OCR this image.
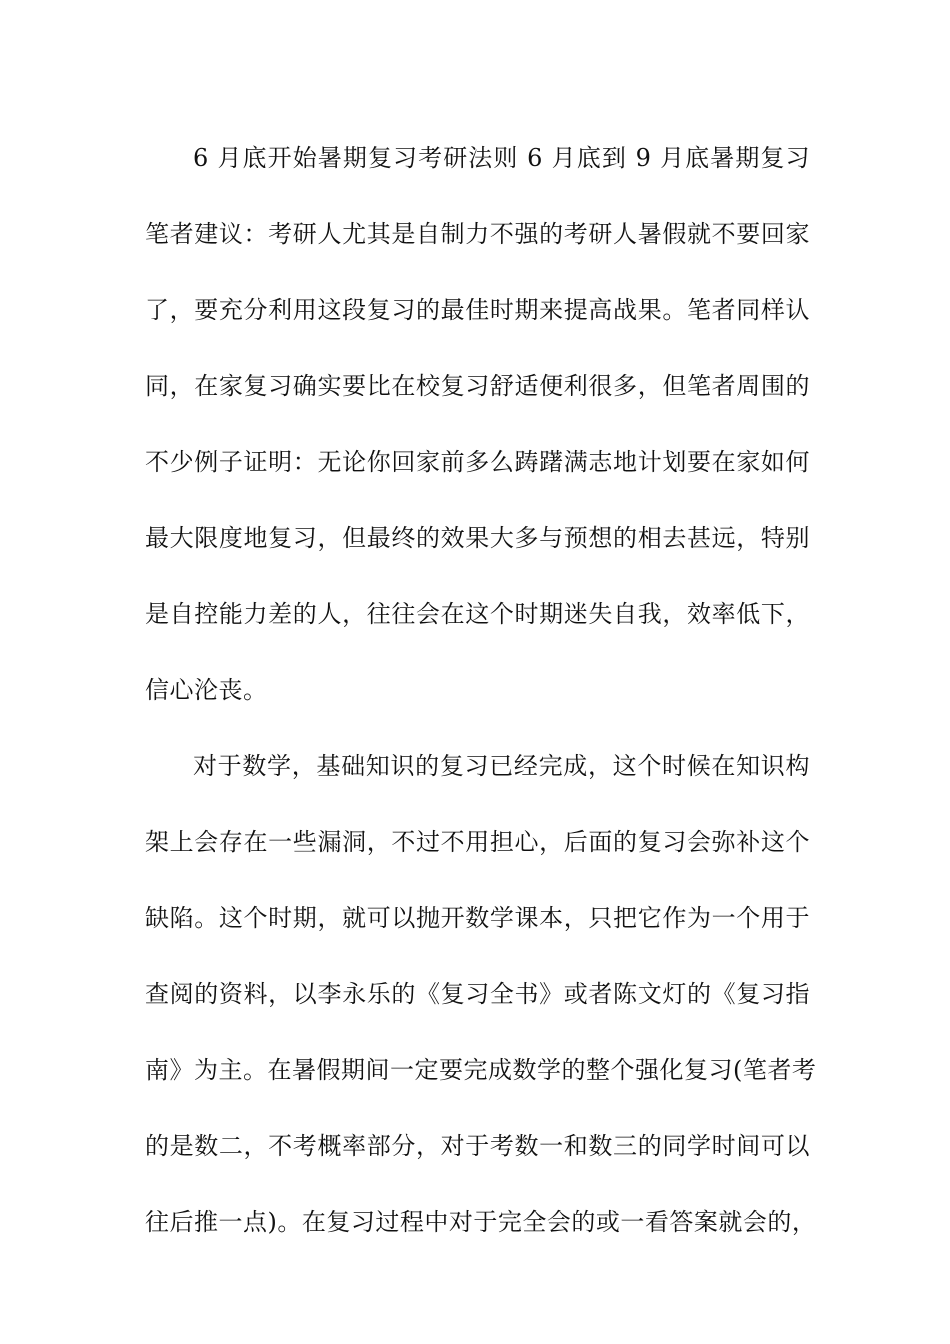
6 月底开始暑期复习考研法则 6 月底到 9 月底暑期复习
笔者建议：考研人尤其是自制力不强的考研人暑假就不要回家
了，要充分利用这段复习的最佳时期来提高战果。笔者同样认
同，在家复习确实要比在校复习舒适便利很多，但笔者周围的
不少例子证明：无论你回家前多么踌躇满志地计划要在家如何
最大限度地复习，但最终的效果大多与预想的相去甚远，特别
是自控能力差的人，往往会在这个时期迷失自我，效率低下，
信心沦丧。
对于数学，基础知识的复习已经完成，这个时候在知识构
架上会存在一些漏洞，不过不用担心，后面的复习会弥补这个
缺陷。这个时期，就可以抛开数学课本，只把它作为一个用于
查阅的资料，以李永乐的《复习全书》或者陈文灯的《复习指
南》为主。在暑假期间一定要完成数学的整个强化复习(笔者考
的是数二，不考概率部分，对于考数一和数三的同学时间可以
往后推一点)。在复习过程中对于完全会的或一看答案就会的，
